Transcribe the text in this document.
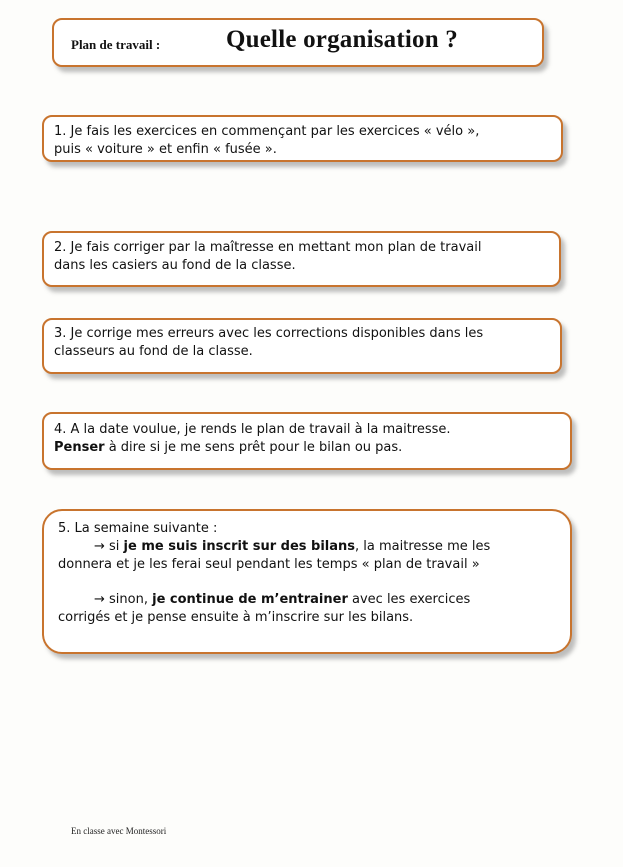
Plan de travail :	Quelle organisation ?

1. Je fais les exercices en commençant par les exercices « vélo »,

puis « voiture » et enfin « fusée ».

2. Je fais corriger par la maîtresse en mettant mon plan de travail

dans les casiers au fond de la classe.

3. Je corrige mes erreurs avec les corrections disponibles dans les

classeurs au fond de la classe.

4. A la date voulue, je rends le plan de travail à la maitresse.

Penser à dire si je me sens prêt pour le bilan ou pas.

5. La semaine suivante :

→ si je me suis inscrit sur des bilans, la maitresse me les

donnera et je les ferai seul pendant les temps « plan de travail »

→ sinon, je continue de m’entrainer avec les exercices

corrigés et je pense ensuite à m’inscrire sur les bilans.

En classe avec Montessori
